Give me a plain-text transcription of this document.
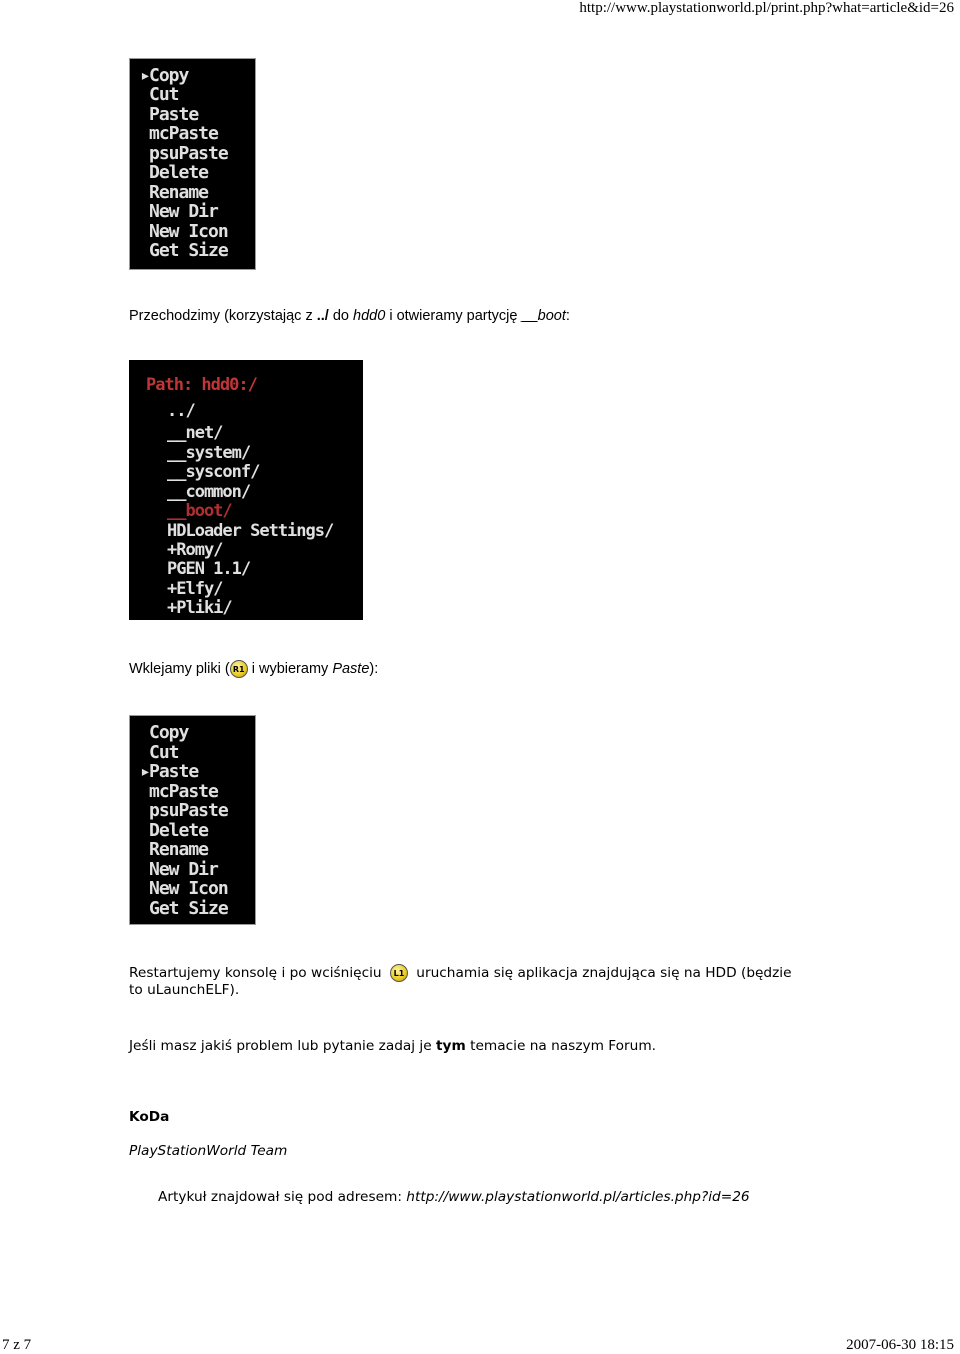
http://www.playstationworld.pl/print.php?what=article&id=26
▸ Copy
Cut
Paste
mcPaste
psuPaste
Delete
Rename
New Dir
New Icon
Get Size
Przechodzimy (korzystając z ../ do hdd0 i otwieramy partycję __boot:
Path: hdd0:/
../
__net/
__system/
__sysconf/
__common/
__boot/
HDLoader Settings/
+Romy/
PGEN 1.1/
+Elfy/
+Pliki/
Wklejamy pliki ( R1 i wybieramy Paste):
Copy
Cut
▸ Paste
mcPaste
psuPaste
Delete
Rename
New Dir
New Icon
Get Size
Restartujemy konsolę i po wciśnięciu L1 uruchamia się aplikacja znajdująca się na HDD (będzie
to uLaunchELF).
Jeśli masz jakiś problem lub pytanie zadaj je tym temacie na naszym Forum.
KoDa
PlayStationWorld Team
Artykuł znajdował się pod adresem: http://www.playstationworld.pl/articles.php?id=26
7 z 7	2007-06-30 18:15
